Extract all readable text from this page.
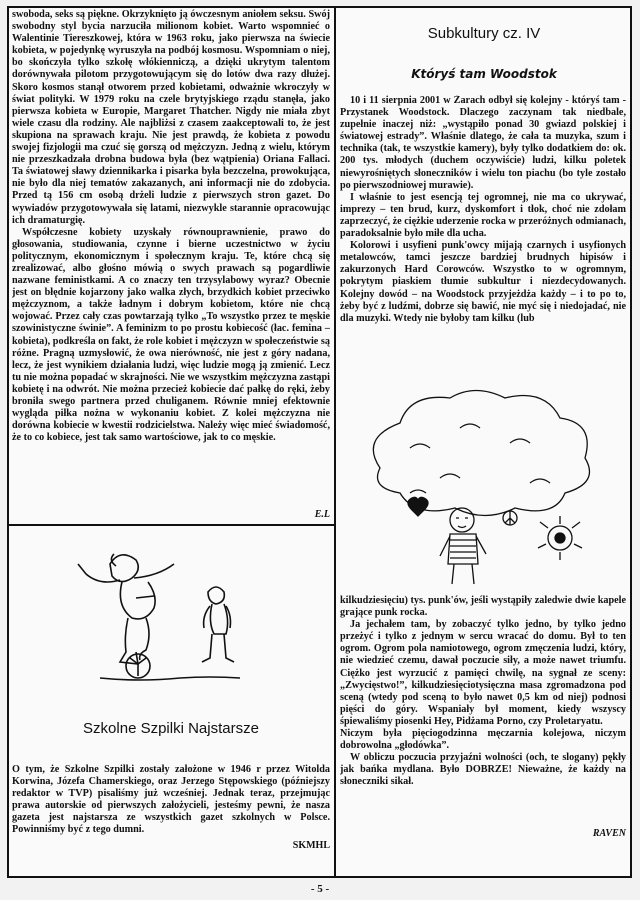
swoboda, seks są piękne. Okrzyknięto ją ówczesnym aniołem seksu. Swój swobodny styl bycia narzuciła milionom kobiet. Warto wspomnieć o Walentinie Tiereszkowej, która w 1963 roku, jako pierwsza na świecie kobieta, w pojedynkę wyruszyła na podbój kosmosu. Wspomniam o niej, bo skończyła tylko szkołę włókienniczą, a dzięki ukrytym talentom dorównywała pilotom przygotowującym się do lotów dwa razy dłużej. Skoro kosmos stanął otworem przed kobietami, odważnie wkroczyły w świat polityki. W 1979 roku na czele brytyjskiego rządu stanęła, jako pierwsza kobieta w Europie, Margaret Thatcher. Nigdy nie miała zbyt wiele czasu dla rodziny. Ale najbliżsi z czasem zaakceptowali to, że jest skupiona na sprawach kraju. Nie jest prawdą, że kobieta z powodu swojej fizjologii ma czuć się gorszą od mężczyzn. Jedną z wielu, którym nie przeszkadzała drobna budowa była (bez wątpienia) Oriana Fallaci. Ta światowej sławy dziennikarka i pisarka była bezczelna, prowokująca, nie było dla niej tematów zakazanych, ani informacji nie do zdobycia. Przed tą 156 cm osobą drżeli ludzie z pierwszych stron gazet. Do wywiadów przygotowywała się latami, niezwykle starannie opracowując ich dramaturgię.

Współczesne kobiety uzyskały równouprawnienie, prawo do głosowania, studiowania, czynne i bierne uczestnictwo w życiu politycznym, ekonomicznym i społecznym kraju. Te, które chcą się zrealizować, albo głośno mówią o swych prawach są pogardliwie nazwane feministkami. A co znaczy ten trzysylabowy wyraz? Obecnie jest on błędnie kojarzony jako walka złych, brzydkich kobiet przeciwko mężczyznom, a także ładnym i dobrym kobietom, które nie chcą wojować. Przez cały czas powtarzają tylko „To wszystko przez te męskie szowinistyczne świnie”. A feminizm to po prostu kobiecość (łac. femina – kobieta), podkreśla on fakt, że role kobiet i mężczyzn w społeczeństwie są różne. Pragną uzmysłowić, że owa nierówność, nie jest z góry nadana, lecz, że jest wynikiem działania ludzi, więc ludzie mogą ją zmienić. Lecz tu nie można popadać w skrajności. Nie we wszystkim mężczyzna zastąpi kobietę i na odwrót. Nie można przecież kobiecie dać pałkę do ręki, żeby broniła swego partnera przed chuliganem. Równie mniej efektownie wygląda piłka nożna w wykonaniu kobiet. Z kolei mężczyzna nie dorówna kobiecie w kwestii rodzicielstwa. Należy więc mieć świadomość, że to co kobiece, jest tak samo wartościowe, jak to co męskie.

E.L
Szkolne Szpilki Najstarsze

O tym, że Szkolne Szpilki zostały założone w 1946 r przez Witolda Korwina, Józefa Chamerskiego, oraz Jerzego Stępowskiego (późniejszy redaktor w TVP) pisaliśmy już wcześniej. Jednak teraz, przejmując prawa autorskie od pierwszych założycieli, jesteśmy pewni, że nasza gazeta jest najstarsza ze wszystkich gazet szkolnych w Polsce. Powinniśmy być z tego dumni.

SKMHL
Subkultury cz. IV
Któryś tam Woodstok

10 i 11 sierpnia 2001 w Żarach odbył się kolejny - któryś tam - Przystanek Woodstock. Dlaczego zaczynam tak niedbale, zupełnie inaczej niż: „wystąpiło ponad 30 gwiazd polskiej i światowej estrady”. Właśnie dlatego, że cała ta muzyka, szum i technika (tak, te wszystkie kamery), były tylko dodatkiem do: ok. 200 tys. młodych (duchem oczywiście) ludzi, kilku poletek niewyrośniętych słoneczników i wielu ton piachu (bo tyle zostało po pierwszodniowej murawie).

I właśnie to jest esencją tej ogromnej, nie ma co ukrywać, imprezy – ten brud, kurz, dyskomfort i tłok, choć nie zdołam zaprzeczyć, że ciężkie uderzenie rocka w przeróżnych odmianach, paradoksalnie było miłe dla ucha.

Kolorowi i usyfieni punk'owcy mijają czarnych i usyfionych metalowców, tamci jeszcze bardziej brudnych hipisów i zakurzonych Hard Corowców. Wszystko to w ogromnym, pokrytym piaskiem tłumie subkultur i niezdecydowanych. Kolejny dowód – na Woodstock przyjeżdża każdy – i to po to, żeby być z ludźmi, dobrze się bawić, nie myć się i niedojadać, nie dla muzyki. Wtedy nie byłoby tam kilku (lub

kilkudziesięciu) tys. punk'ów, jeśli wystąpiły zaledwie dwie kapele grające punk rocka.

Ja jechałem tam, by zobaczyć tylko jedno, by tylko jedno przeżyć i tylko z jednym w sercu wracać do domu. Był to ten ogrom. Ogrom pola namiotowego, ogrom zmęczenia ludzi, który, nie wiedzieć czemu, dawał poczucie siły, a może nawet triumfu. Ciężko jest wyrzucić z pamięci chwilę, na sygnał ze sceny: „Zwycięstwo!”, kilkudziesięciotysięczna masa zgromadzona pod sceną (wtedy pod sceną to było nawet 0,5 km od niej) podnosi pięści do góry. Wspaniały był moment, kiedy wszyscy śpiewaliśmy piosenki Hey, Pidżama Porno, czy Proletaryatu.

Niczym była pięciogodzinna męczarnia kolejowa, niczym dobrowolna „głodówka”.

W obliczu poczucia przyjaźni wolności (och, te slogany) pękły jak bańka mydlana. Było DOBRZE! Nieważne, że każdy na słoneczniki sikał.

RAVEN
- 5 -
